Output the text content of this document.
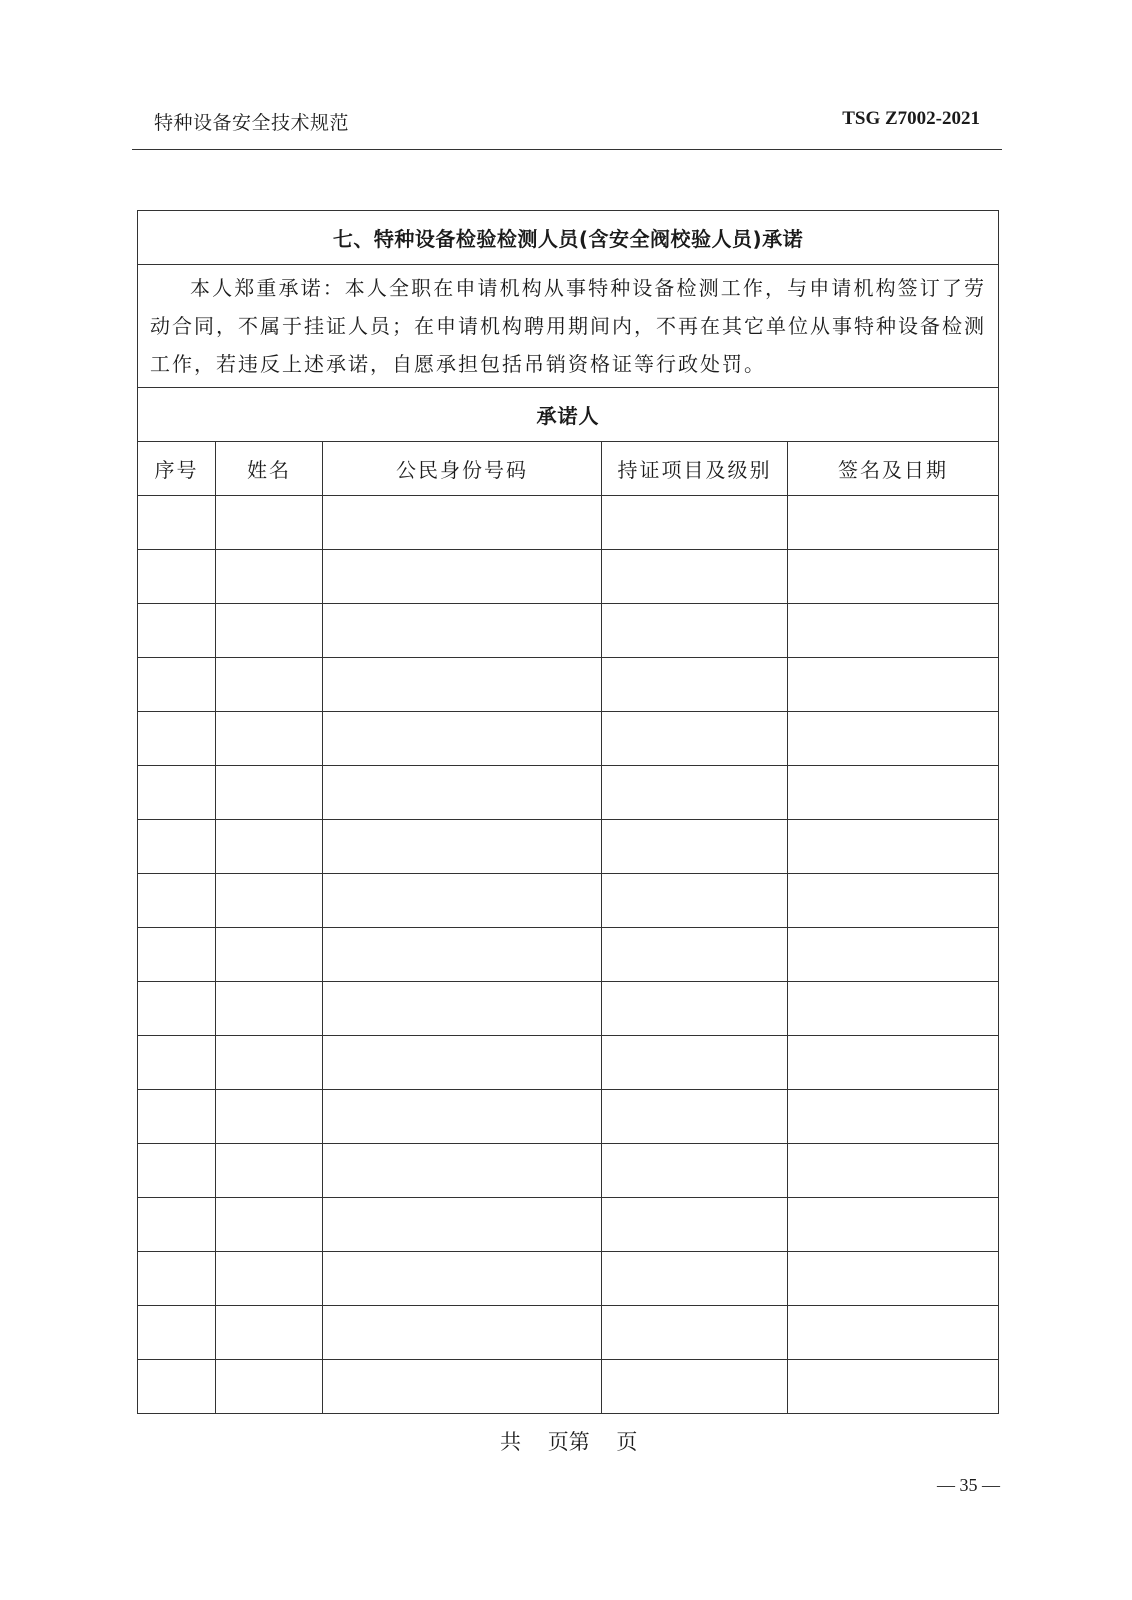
特种设备安全技术规范	TSG Z7002-2021
七、特种设备检验检测人员(含安全阀校验人员)承诺				

本人郑重承诺：本人全职在申请机构从事特种设备检测工作，与申请机构签订了劳动合同，不属于挂证人员；在申请机构聘用期间内，不再在其它单位从事特种设备检测工作，若违反上述承诺，自愿承担包括吊销资格证等行政处罚。				

承诺人				
序号	姓名	公民身份号码	持证项目及级别	签名及日期

共    页第    页
— 35 —
